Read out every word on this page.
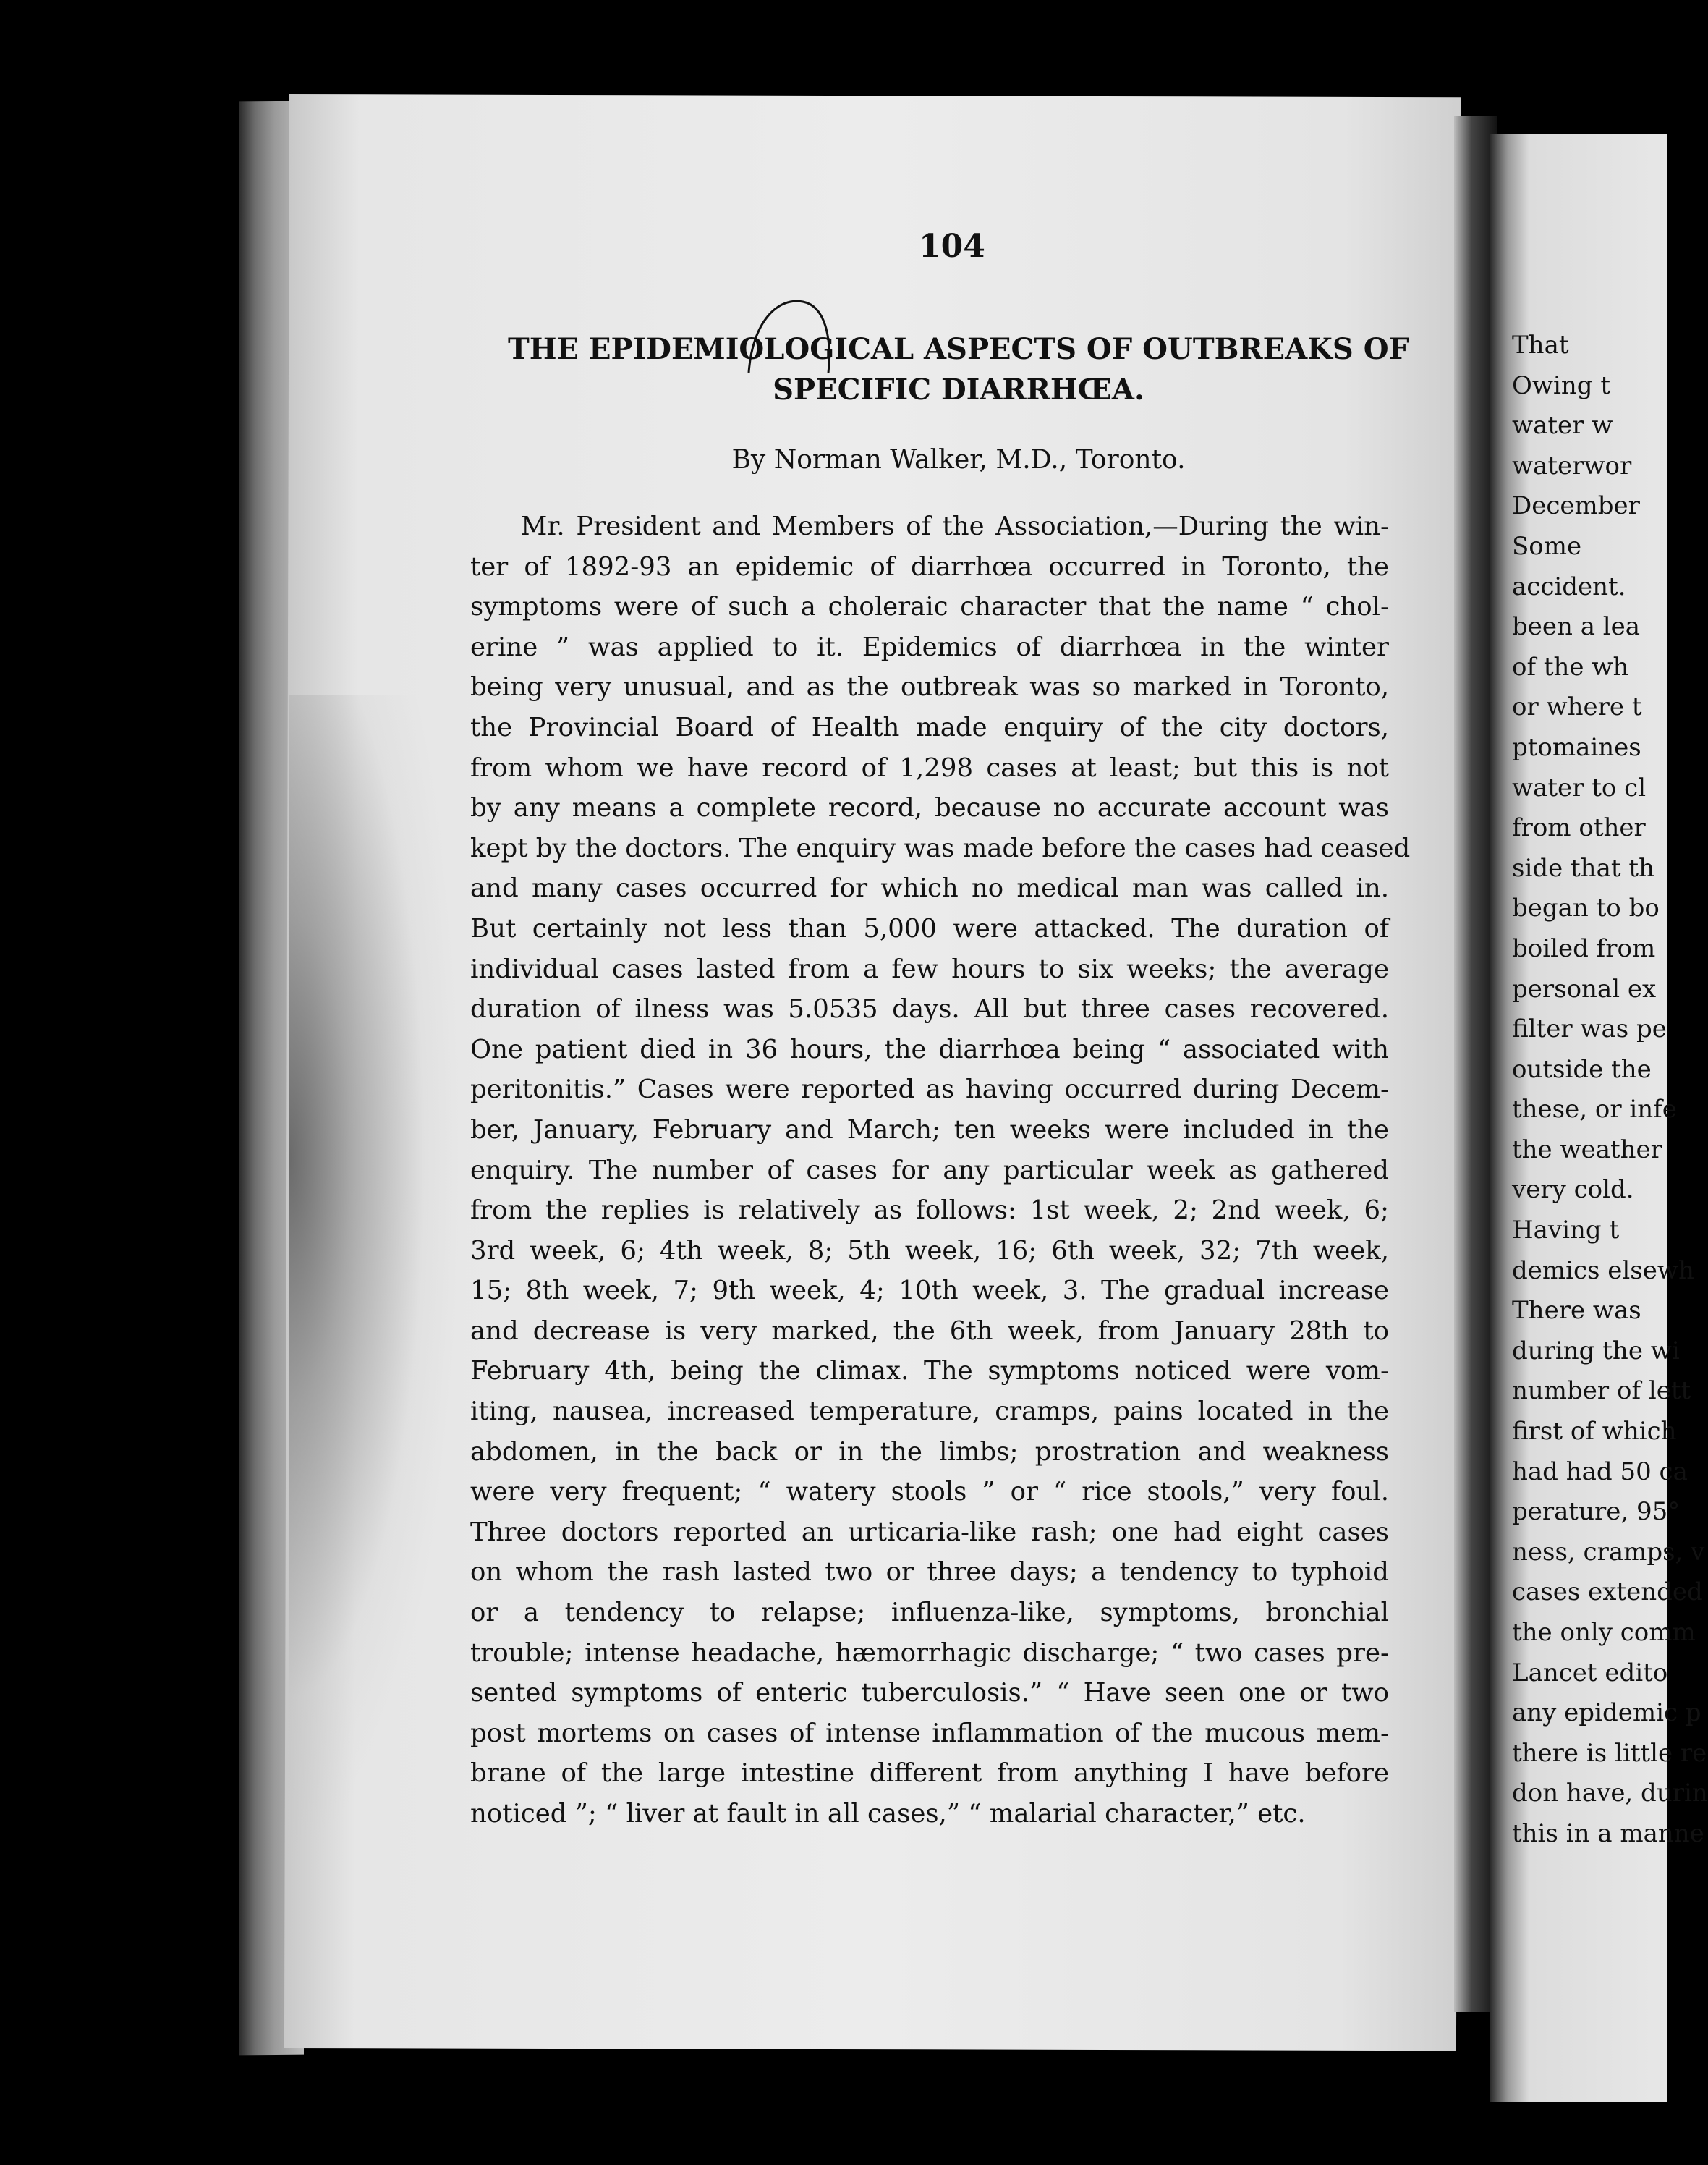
104
THE EPIDEMIOLOGICAL ASPECTS OF OUTBREAKS OF SPECIFIC DIARRHŒA.
By Norman Walker, M.D., Toronto.
Mr. President and Members of the Association,—During the win-
ter of 1892-93 an epidemic of diarrhœa occurred in Toronto, the
symptoms were of such a choleraic character that the name “ chol-
erine ” was applied to it. Epidemics of diarrhœa in the winter
being very unusual, and as the outbreak was so marked in Toronto,
the Provincial Board of Health made enquiry of the city doctors,
from whom we have record of 1,298 cases at least; but this is not
by any means a complete record, because no accurate account was
kept by the doctors. The enquiry was made before the cases had ceased
and many cases occurred for which no medical man was called in.
But certainly not less than 5,000 were attacked. The duration of
individual cases lasted from a few hours to six weeks; the average
duration of ilness was 5.0535 days. All but three cases recovered.
One patient died in 36 hours, the diarrhœa being “ associated with
peritonitis.” Cases were reported as having occurred during Decem-
ber, January, February and March; ten weeks were included in the
enquiry. The number of cases for any particular week as gathered
from the replies is relatively as follows: 1st week, 2; 2nd week, 6;
3rd week, 6; 4th week, 8; 5th week, 16; 6th week, 32; 7th week,
15; 8th week, 7; 9th week, 4; 10th week, 3. The gradual increase
and decrease is very marked, the 6th week, from January 28th to
February 4th, being the climax. The symptoms noticed were vom-
iting, nausea, increased temperature, cramps, pains located in the
abdomen, in the back or in the limbs; prostration and weakness
were very frequent; “ watery stools ” or “ rice stools,” very foul.
Three doctors reported an urticaria-like rash; one had eight cases
on whom the rash lasted two or three days; a tendency to typhoid
or a tendency to relapse; influenza-like, symptoms, bronchial
trouble; intense headache, hæmorrhagic discharge; “ two cases pre-
sented symptoms of enteric tuberculosis.” “ Have seen one or two
post mortems on cases of intense inflammation of the mucous mem-
brane of the large intestine different from anything I have before
noticed ”; “ liver at fault in all cases,” “ malarial character,” etc.
That
Owing t
water w
waterwor
December
Some
accident.
been a lea
of the wh
or where t
ptomaines
water to cl
from other
side that th
began to bo
boiled from
personal ex
filter was pe
outside the
these, or infe
the weather
very cold.
Having t
demics elsewh
There was
during the wi
number of lett
first of which
had had 50 ca
perature, 95°
ness, cramps, v
cases extended
the only comm
Lancet edito
any epidemic p
there is little re
don have, durin
this in a manne
